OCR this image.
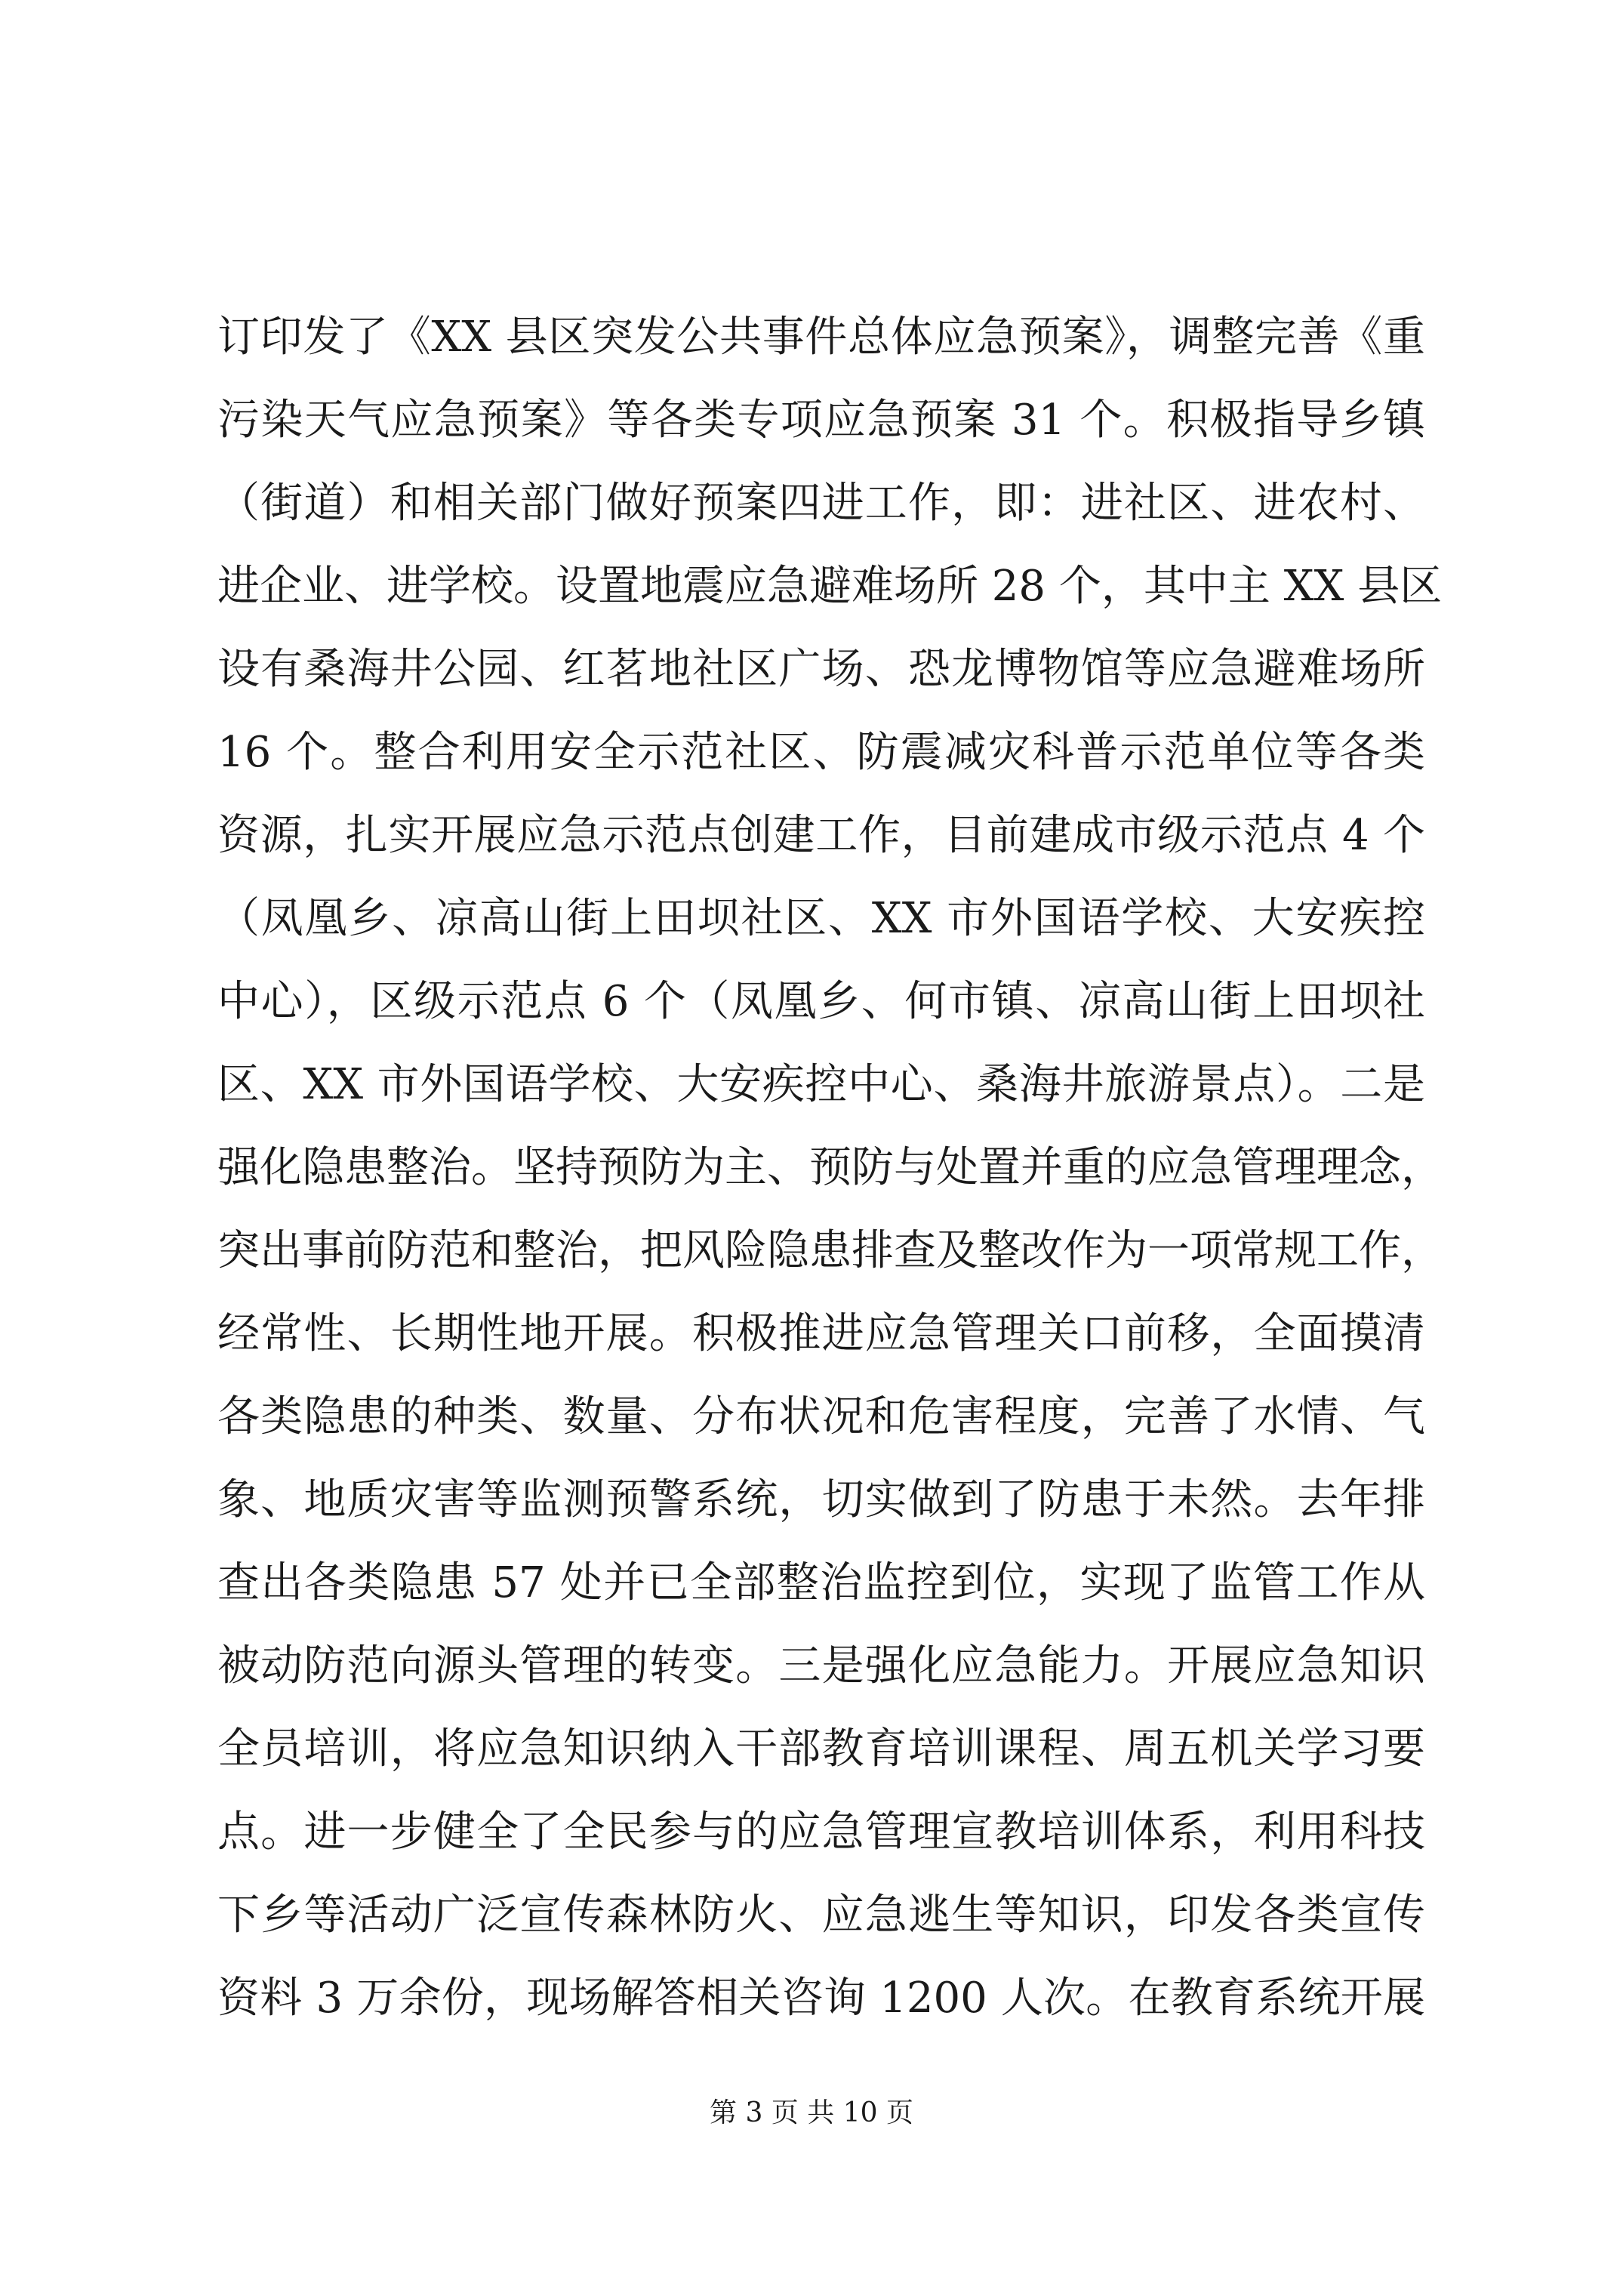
订印发了《XX 县区突发公共事件总体应急预案》，调整完善《重
污染天气应急预案》等各类专项应急预案 31 个。积极指导乡镇
（街道）和相关部门做好预案四进工作，即：进社区、进农村、
进企业、进学校。设置地震应急避难场所 28 个，其中主 XX 县区
设有桑海井公园、红茗地社区广场、恐龙博物馆等应急避难场所
16 个。整合利用安全示范社区、防震减灾科普示范单位等各类
资源，扎实开展应急示范点创建工作，目前建成市级示范点 4 个
（凤凰乡、凉高山街上田坝社区、XX 市外国语学校、大安疾控
中心），区级示范点 6 个（凤凰乡、何市镇、凉高山街上田坝社
区、XX 市外国语学校、大安疾控中心、桑海井旅游景点）。二是
强化隐患整治。坚持预防为主、预防与处置并重的应急管理理念，
突出事前防范和整治，把风险隐患排查及整改作为一项常规工作，
经常性、长期性地开展。积极推进应急管理关口前移，全面摸清
各类隐患的种类、数量、分布状况和危害程度，完善了水情、气
象、地质灾害等监测预警系统，切实做到了防患于未然。去年排
查出各类隐患 57 处并已全部整治监控到位，实现了监管工作从
被动防范向源头管理的转变。三是强化应急能力。开展应急知识
全员培训，将应急知识纳入干部教育培训课程、周五机关学习要
点。进一步健全了全民参与的应急管理宣教培训体系，利用科技
下乡等活动广泛宣传森林防火、应急逃生等知识，印发各类宣传
资料 3 万余份，现场解答相关咨询 1200 人次。在教育系统开展
第 3 页 共 10 页
